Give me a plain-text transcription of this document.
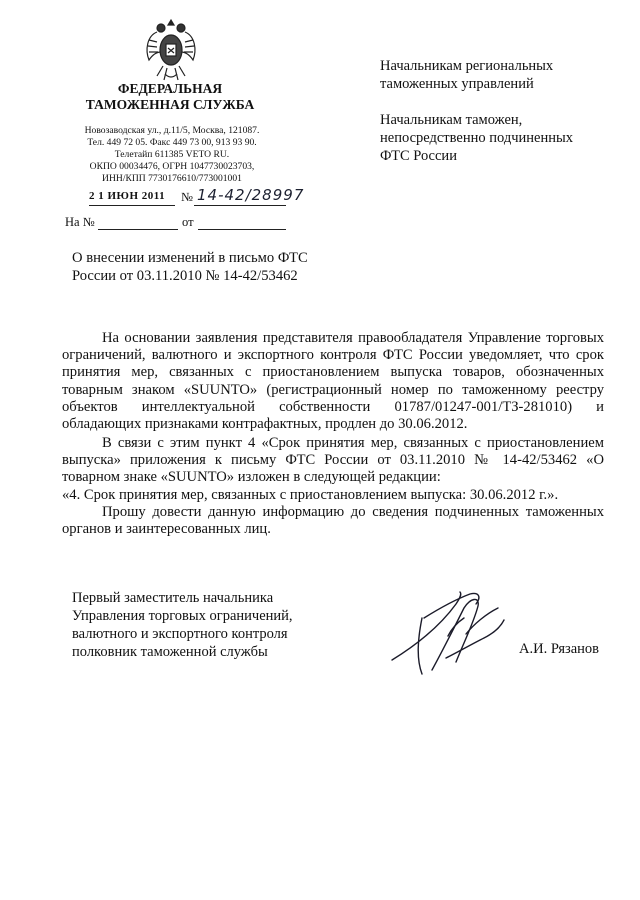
ФЕДЕРАЛЬНАЯ
ТАМОЖЕННАЯ СЛУЖБА
Новозаводская ул., д.11/5, Москва, 121087.
Тел. 449 72 05. Факс 449 73 00, 913 93 90.
Телетайп 611385 VETO RU.
ОКПО 00034476, ОГРН 1047730023703,
ИНН/КПП 7730176610/773001001
2 1 ИЮН 2011 № 14-42/28997
На №	от
Начальникам региональных
таможенных управлений
Начальникам таможен,
непосредственно подчиненных
ФТС России
О внесении изменений в письмо ФТС России от 03.11.2010 № 14-42/53462
На основании заявления представителя правообладателя Управление торговых ограничений, валютного и экспортного контроля ФТС России уведомляет, что срок принятия мер, связанных с приостановлением выпуска товаров, обозначенных товарным знаком «SUUNTO» (регистрационный номер по таможенному реестру объектов интеллектуальной собственности 01787/01247-001/ТЗ-281010) и обладающих признаками контрафактных, продлен до 30.06.2012.
В связи с этим пункт 4 «Срок принятия мер, связанных с приостановлением выпуска» приложения к письму ФТС России от 03.11.2010 № 14-42/53462 «О товарном знаке «SUUNTO» изложен в следующей редакции:
«4. Срок принятия мер, связанных с приостановлением выпуска: 30.06.2012 г.».
Прошу довести данную информацию до сведения подчиненных таможенных органов и заинтересованных лиц.
Первый заместитель начальника
Управления торговых ограничений,
валютного и экспортного контроля
полковник таможенной службы	А.И. Рязанов
